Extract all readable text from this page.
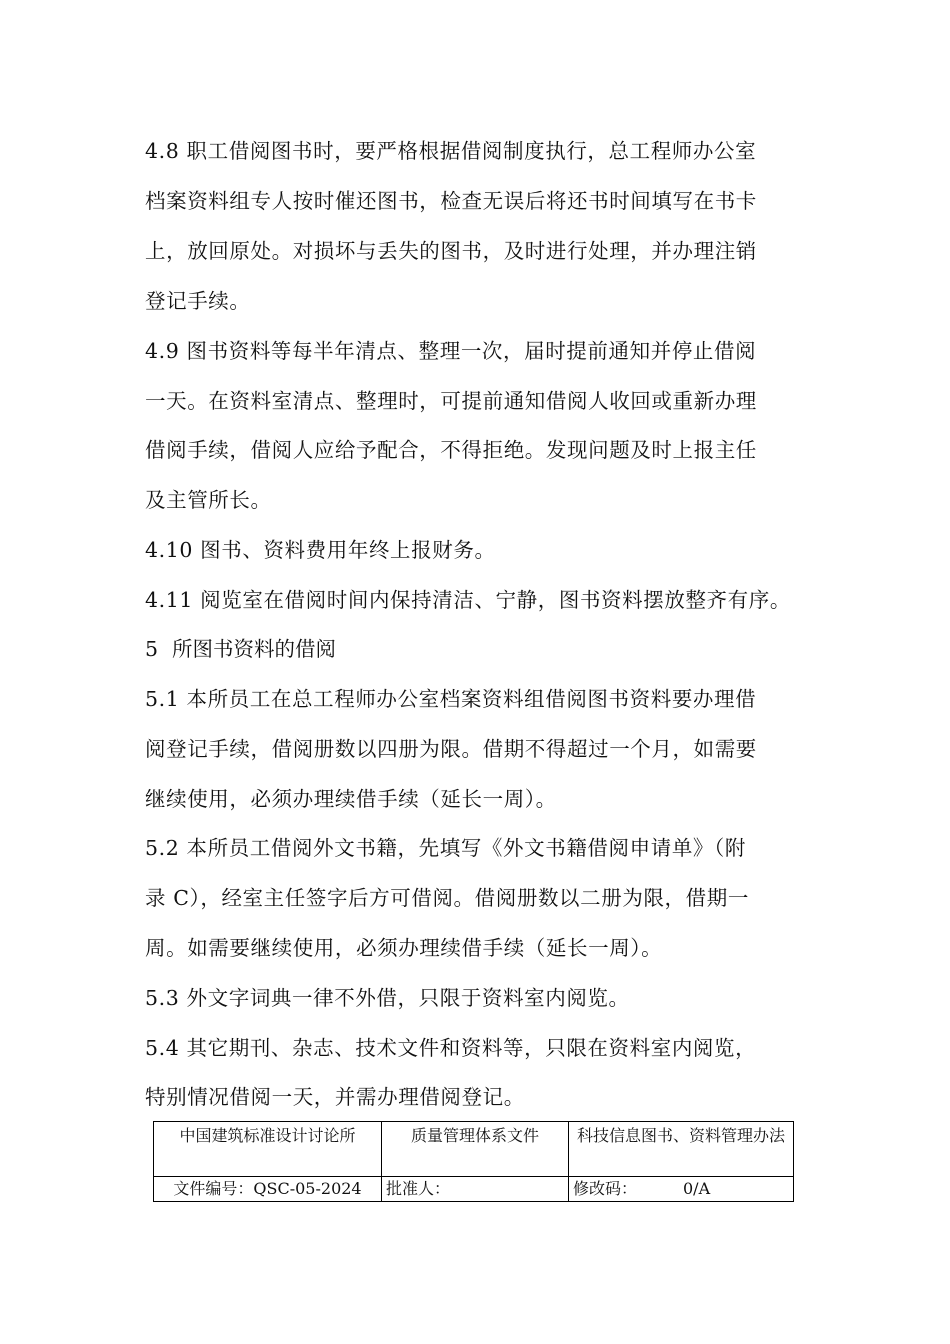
4.8 职工借阅图书时，要严格根据借阅制度执行，总工程师办公室
档案资料组专人按时催还图书，检查无误后将还书时间填写在书卡
上，放回原处。对损坏与丢失的图书，及时进行处理，并办理注销
登记手续。
4.9 图书资料等每半年清点、整理一次，届时提前通知并停止借阅
一天。在资料室清点、整理时，可提前通知借阅人收回或重新办理
借阅手续，借阅人应给予配合，不得拒绝。发现问题及时上报主任
及主管所长。
4.10 图书、资料费用年终上报财务。
4.11 阅览室在借阅时间内保持清洁、宁静，图书资料摆放整齐有序。
5 所图书资料的借阅
5.1 本所员工在总工程师办公室档案资料组借阅图书资料要办理借
阅登记手续，借阅册数以四册为限。借期不得超过一个月，如需要
继续使用，必须办理续借手续（延长一周）。
5.2 本所员工借阅外文书籍，先填写《外文书籍借阅申请单》（附
录 C），经室主任签字后方可借阅。借阅册数以二册为限，借期一
周。如需要继续使用，必须办理续借手续（延长一周）。
5.3 外文字词典一律不外借，只限于资料室内阅览。
5.4 其它期刊、杂志、技术文件和资料等，只限在资料室内阅览，
特别情况借阅一天，并需办理借阅登记。
中国建筑标准设计讨论所	质量管理体系文件	科技信息图书、资料管理办法
文件编号：QSC-05-2024	批准人：	修改码： 0/A
